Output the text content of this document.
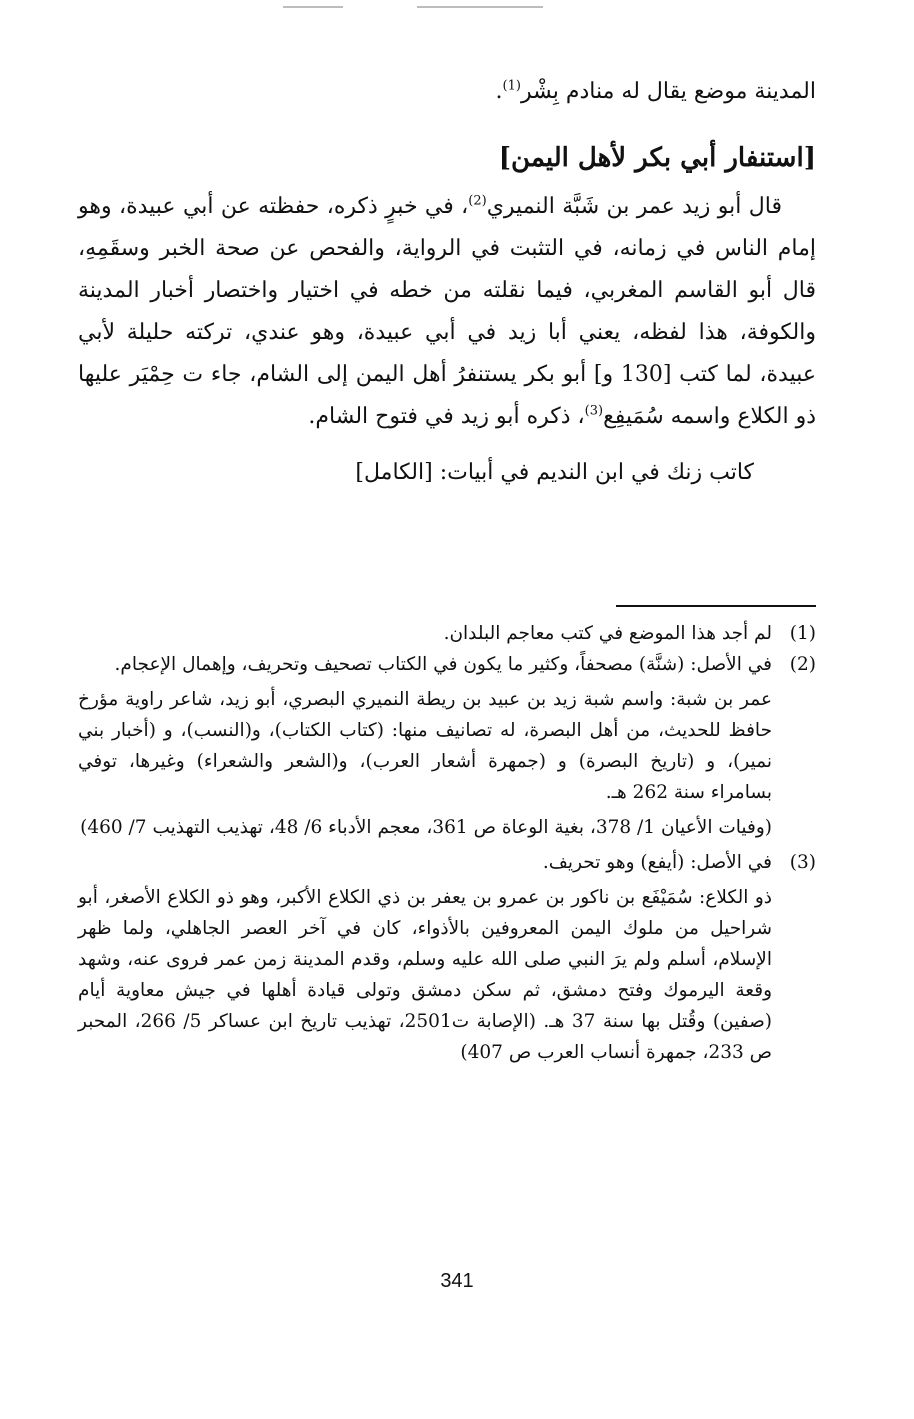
المدينة موضع يقال له منادم بِشْر$^{(1)}$.

[استنفار أبي بكر لأهل اليمن]

قال أبو زيد عمر بن شَبَّة النميري$^{(2)}$، في خبرٍ ذكره، حفظته عن أبي عبيدة، وهو إمام الناس في زمانه، في التثبت في الرواية، والفحص عن صحة الخبر وسقَمِهِ، قال أبو القاسم المغربي، فيما نقلته من خطه في اختيار واختصار أخبار المدينة والكوفة، هذا لفظه، يعني أبا زيد في أبي عبيدة، وهو عندي، تركته حليلة لأبي عبيدة، لما كتب [130 و] أبو بكر يستنفرُ أهل اليمن إلى الشام، جاء ت حِمْيَر عليها ذو الكلاع واسمه سُمَيفِع$^{(3)}$، ذكره أبو زيد في فتوح الشام.

كاتب زنك في ابن النديم في أبيات: [الكامل]

(1)
لم أجد هذا الموضع في كتب معاجم البلدان.
(2)
في الأصل: (شنَّة) مصحفاً، وكثير ما يكون في الكتاب تصحيف وتحريف، وإهمال الإعجام.

عمر بن شبة: واسم شبة زيد بن عبيد بن ريطة النميري البصري، أبو زيد، شاعر راوية مؤرخ حافظ للحديث، من أهل البصرة، له تصانيف منها: (كتاب الكتاب)، و(النسب)، و (أخبار بني نمير)، و (تاريخ البصرة) و (جمهرة أشعار العرب)، و(الشعر والشعراء) وغيرها، توفي بسامراء سنة 262 هـ.

(وفيات الأعيان 1/ 378، بغية الوعاة ص 361، معجم الأدباء 6/ 48، تهذيب التهذيب 7/ 460)

(3)
في الأصل: (أيفع) وهو تحريف.

ذو الكلاع: سُمَيْفَع بن ناكور بن عمرو بن يعفر بن ذي الكلاع الأكبر، وهو ذو الكلاع الأصغر، أبو شراحيل من ملوك اليمن المعروفين بالأذواء، كان في آخر العصر الجاهلي، ولما ظهر الإسلام، أسلم ولم يرَ النبي صلى الله عليه وسلم، وقدم المدينة زمن عمر فروى عنه، وشهد وقعة اليرموك وفتح دمشق، ثم سكن دمشق وتولى قيادة أهلها في جيش معاوية أيام (صفين) وقُتل بها سنة 37 هـ. (الإصابة ت2501، تهذيب تاريخ ابن عساكر 5/ 266، المحبر ص 233، جمهرة أنساب العرب ص 407)

341
